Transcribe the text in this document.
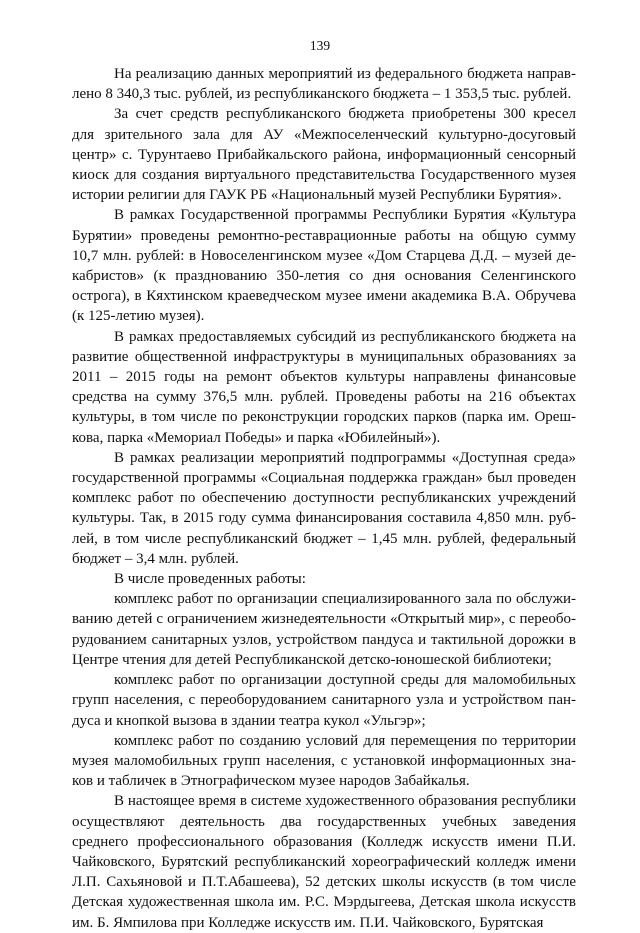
139

На реализацию данных мероприятий из федерального бюджета направлено 8 340,3 тыс. рублей, из республиканского бюджета – 1 353,5 тыс. рублей.

За счет средств республиканского бюджета приобретены 300 кресел для зрительного зала для АУ «Межпоселенческий культурно-досуговый центр» с. Турунтаево Прибайкальского района, информационный сенсорный киоск для создания виртуального представительства Государственного музея истории религии для ГАУК РБ «Национальный музей Республики Бурятия».

В рамках Государственной программы Республики Бурятия «Культура Бурятии» проведены ремонтно-реставрационные работы на общую сумму 10,7 млн. рублей: в Новоселенгинском музее «Дом Старцева Д.Д. – музей декабристов» (к празднованию 350-летия со дня основания Селенгинского острога), в Кяхтинском краеведческом музее имени академика В.А. Обручева (к 125-летию музея).

В рамках предоставляемых субсидий из республиканского бюджета на развитие общественной инфраструктуры в муниципальных образованиях за 2011 – 2015 годы на ремонт объектов культуры направлены финансовые средства на сумму 376,5 млн. рублей. Проведены работы на 216 объектах культуры, в том числе по реконструкции городских парков (парка им. Орешкова, парка «Мемориал Победы» и парка «Юбилейный»).

В рамках реализации мероприятий подпрограммы «Доступная среда» государственной программы «Социальная поддержка граждан» был проведен комплекс работ по обеспечению доступности республиканских учреждений культуры. Так, в 2015 году сумма финансирования составила 4,850 млн. рублей, в том числе республиканский бюджет – 1,45 млн. рублей, федеральный бюджет – 3,4 млн. рублей.

В числе проведенных работы:

комплекс работ по организации специализированного зала по обслуживанию детей с ограничением жизнедеятельности «Открытый мир», с переоборудованием санитарных узлов, устройством пандуса и тактильной дорожки в Центре чтения для детей Республиканской детско-юношеской библиотеки;

комплекс работ по организации доступной среды для маломобильных групп населения, с переоборудованием санитарного узла и устройством пандуса и кнопкой вызова в здании театра кукол «Ульгэр»;

комплекс работ по созданию условий для перемещения по территории музея маломобильных групп населения, с установкой информационных знаков и табличек в Этнографическом музее народов Забайкалья.

В настоящее время в системе художественного образования республики осуществляют деятельность два государственных учебных заведения среднего профессионального образования (Колледж искусств имени П.И. Чайковского, Бурятский республиканский хореографический колледж имени Л.П. Сахьяновой и П.Т.Абашеева), 52 детских школы искусств (в том числе Детская художественная школа им. Р.С. Мэрдыгеева, Детская школа искусств им. Б. Ямпилова при Колледже искусств им. П.И. Чайковского, Бурятская
